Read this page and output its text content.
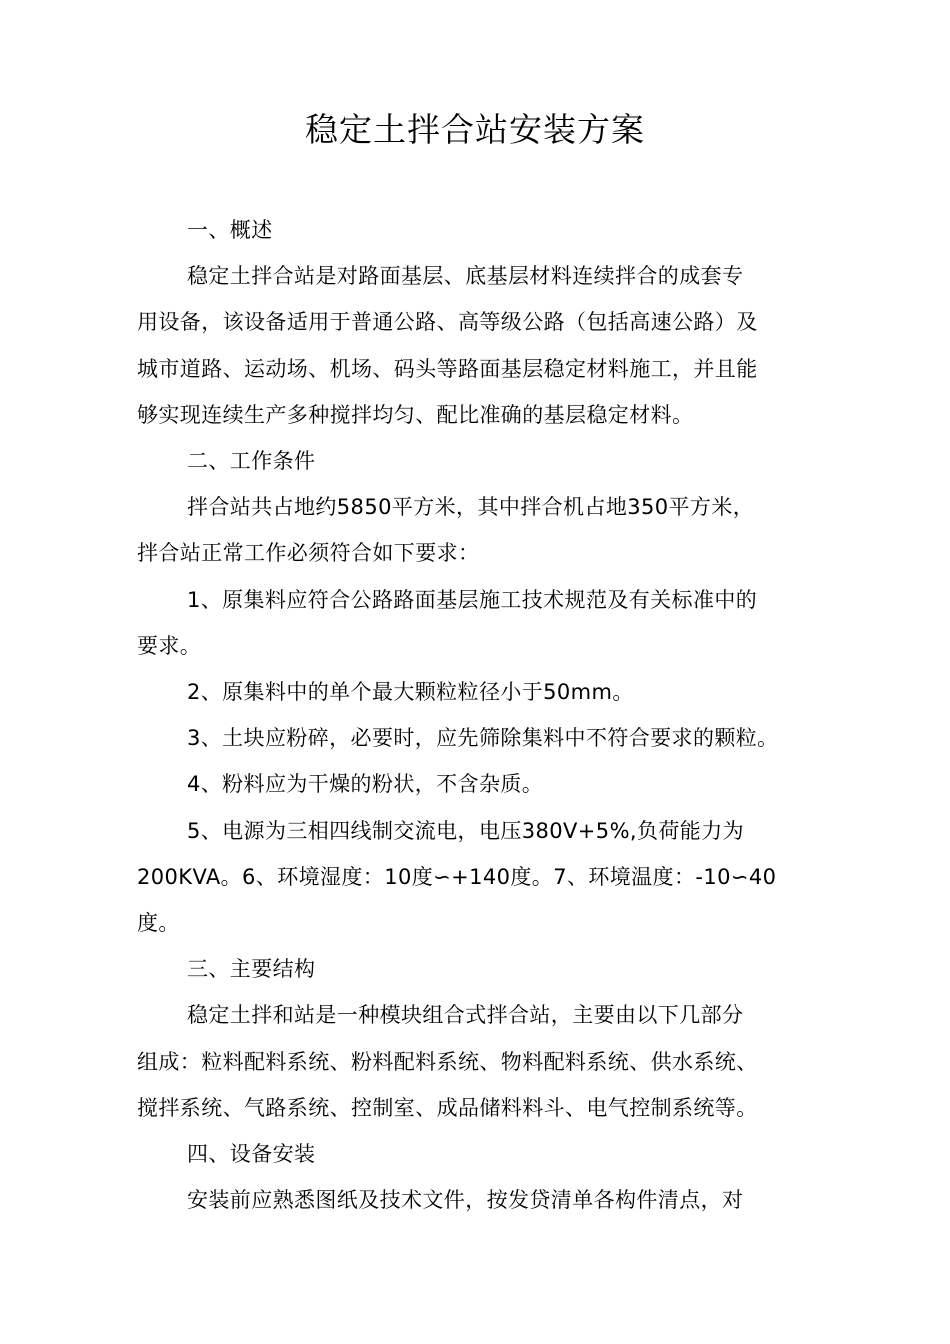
稳定土拌合站安装方案

一、概述

稳定土拌合站是对路面基层、底基层材料连续拌合的成套专

用设备，该设备适用于普通公路、高等级公路（包括高速公路）及

城市道路、运动场、机场、码头等路面基层稳定材料施工，并且能

够实现连续生产多种搅拌均匀、配比准确的基层稳定材料。

二、工作条件

拌合站共占地约5850平方米，其中拌合机占地350平方米，

拌合站正常工作必须符合如下要求：

1、原集料应符合公路路面基层施工技术规范及有关标准中的

要求。

2、原集料中的单个最大颗粒粒径小于50mm。

3、土块应粉碎，必要时，应先筛除集料中不符合要求的颗粒。

4、粉料应为干燥的粉状，不含杂质。

5、电源为三相四线制交流电，电压380V+5%,负荷能力为

200KVA。6、环境湿度：10度∽+140度。7、环境温度：-10∽40

度。

三、主要结构

稳定土拌和站是一种模块组合式拌合站，主要由以下几部分

组成：粒料配料系统、粉料配料系统、物料配料系统、供水系统、

搅拌系统、气路系统、控制室、成品储料料斗、电气控制系统等。

四、设备安装

安装前应熟悉图纸及技术文件，按发贷清单各构件清点，对
